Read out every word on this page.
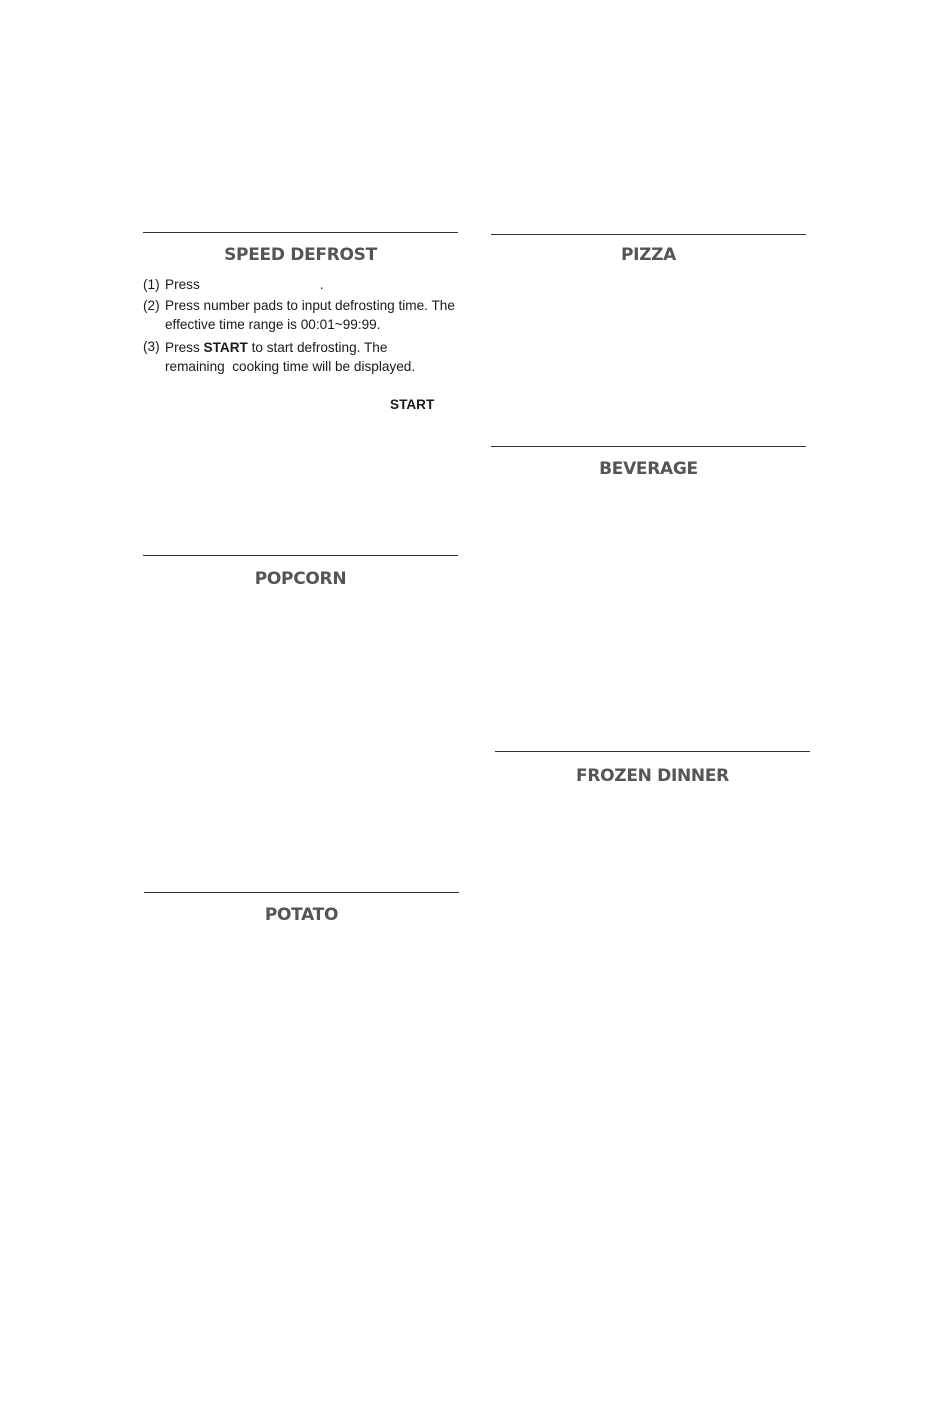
SPEED DEFROST
(1) Press	.
(2) Press number pads to input defrosting time. The
effective time range is 00:01~99:99.
(3) Press START to start defrosting. The
remaining  cooking time will be displayed.
START
POPCORN
POTATO
PIZZA
BEVERAGE
FROZEN DINNER
